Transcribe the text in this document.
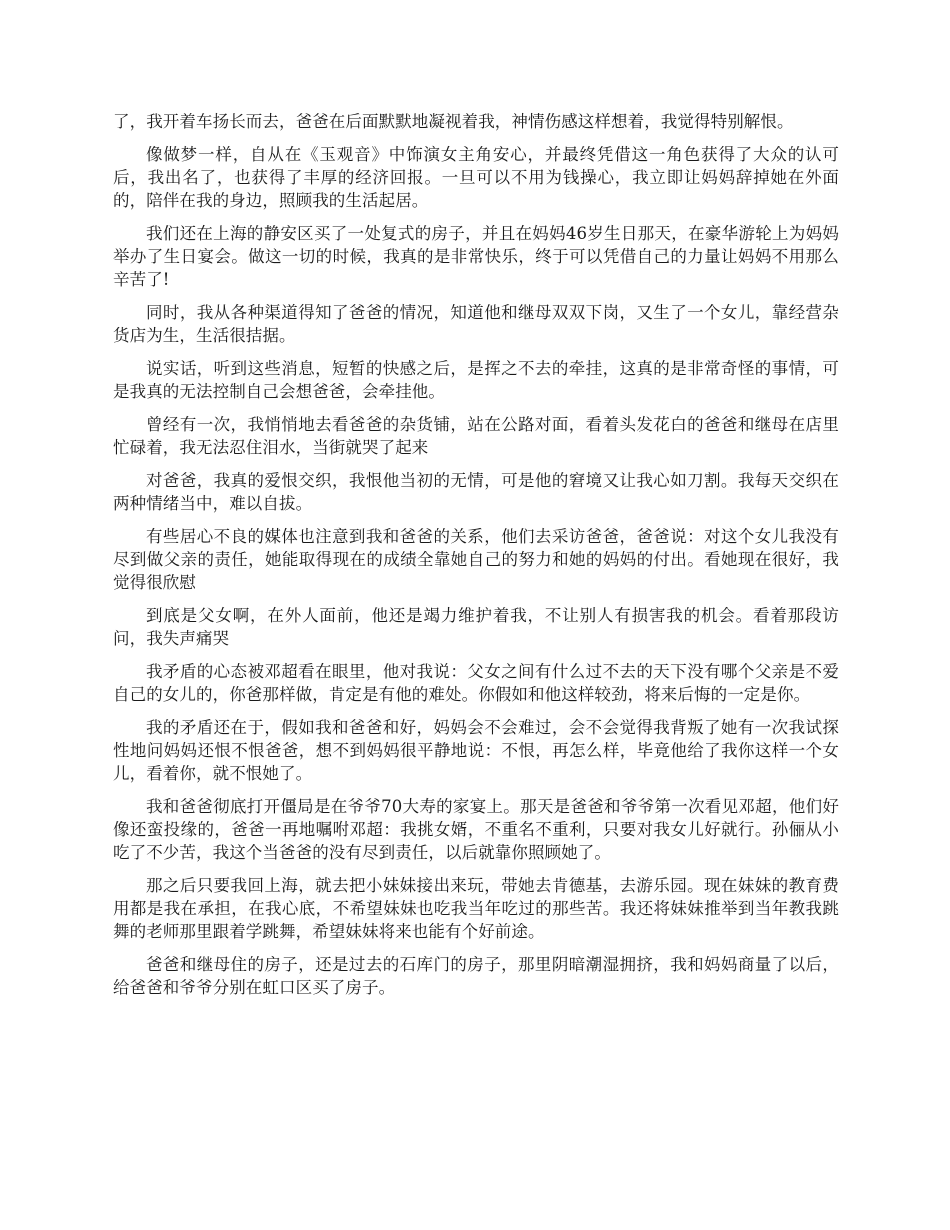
了，我开着车扬长而去，爸爸在后面默默地凝视着我，神情伤感这样想着，我觉得特别解恨。

像做梦一样，自从在《玉观音》中饰演女主角安心，并最终凭借这一角色获得了大众的认可后，我出名了，也获得了丰厚的经济回报。一旦可以不用为钱操心，我立即让妈妈辞掉她在外面的，陪伴在我的身边，照顾我的生活起居。

我们还在上海的静安区买了一处复式的房子，并且在妈妈46岁生日那天，在豪华游轮上为妈妈举办了生日宴会。做这一切的时候，我真的是非常快乐，终于可以凭借自己的力量让妈妈不用那么辛苦了!

同时，我从各种渠道得知了爸爸的情况，知道他和继母双双下岗，又生了一个女儿，靠经营杂货店为生，生活很拮据。

说实话，听到这些消息，短暂的快感之后，是挥之不去的牵挂，这真的是非常奇怪的事情，可是我真的无法控制自己会想爸爸，会牵挂他。

曾经有一次，我悄悄地去看爸爸的杂货铺，站在公路对面，看着头发花白的爸爸和继母在店里忙碌着，我无法忍住泪水，当街就哭了起来

对爸爸，我真的爱恨交织，我恨他当初的无情，可是他的窘境又让我心如刀割。我每天交织在两种情绪当中，难以自拔。

有些居心不良的媒体也注意到我和爸爸的关系，他们去采访爸爸，爸爸说：对这个女儿我没有尽到做父亲的责任，她能取得现在的成绩全靠她自己的努力和她的妈妈的付出。看她现在很好，我觉得很欣慰

到底是父女啊，在外人面前，他还是竭力维护着我，不让别人有损害我的机会。看着那段访问，我失声痛哭

我矛盾的心态被邓超看在眼里，他对我说：父女之间有什么过不去的天下没有哪个父亲是不爱自己的女儿的，你爸那样做，肯定是有他的难处。你假如和他这样较劲，将来后悔的一定是你。

我的矛盾还在于，假如我和爸爸和好，妈妈会不会难过，会不会觉得我背叛了她有一次我试探性地问妈妈还恨不恨爸爸，想不到妈妈很平静地说：不恨，再怎么样，毕竟他给了我你这样一个女儿，看着你，就不恨她了。

我和爸爸彻底打开僵局是在爷爷70大寿的家宴上。那天是爸爸和爷爷第一次看见邓超，他们好像还蛮投缘的，爸爸一再地嘱咐邓超：我挑女婿，不重名不重利，只要对我女儿好就行。孙俪从小吃了不少苦，我这个当爸爸的没有尽到责任，以后就靠你照顾她了。

那之后只要我回上海，就去把小妹妹接出来玩，带她去肯德基，去游乐园。现在妹妹的教育费用都是我在承担，在我心底，不希望妹妹也吃我当年吃过的那些苦。我还将妹妹推举到当年教我跳舞的老师那里跟着学跳舞，希望妹妹将来也能有个好前途。

爸爸和继母住的房子，还是过去的石库门的房子，那里阴暗潮湿拥挤，我和妈妈商量了以后，给爸爸和爷爷分别在虹口区买了房子。
